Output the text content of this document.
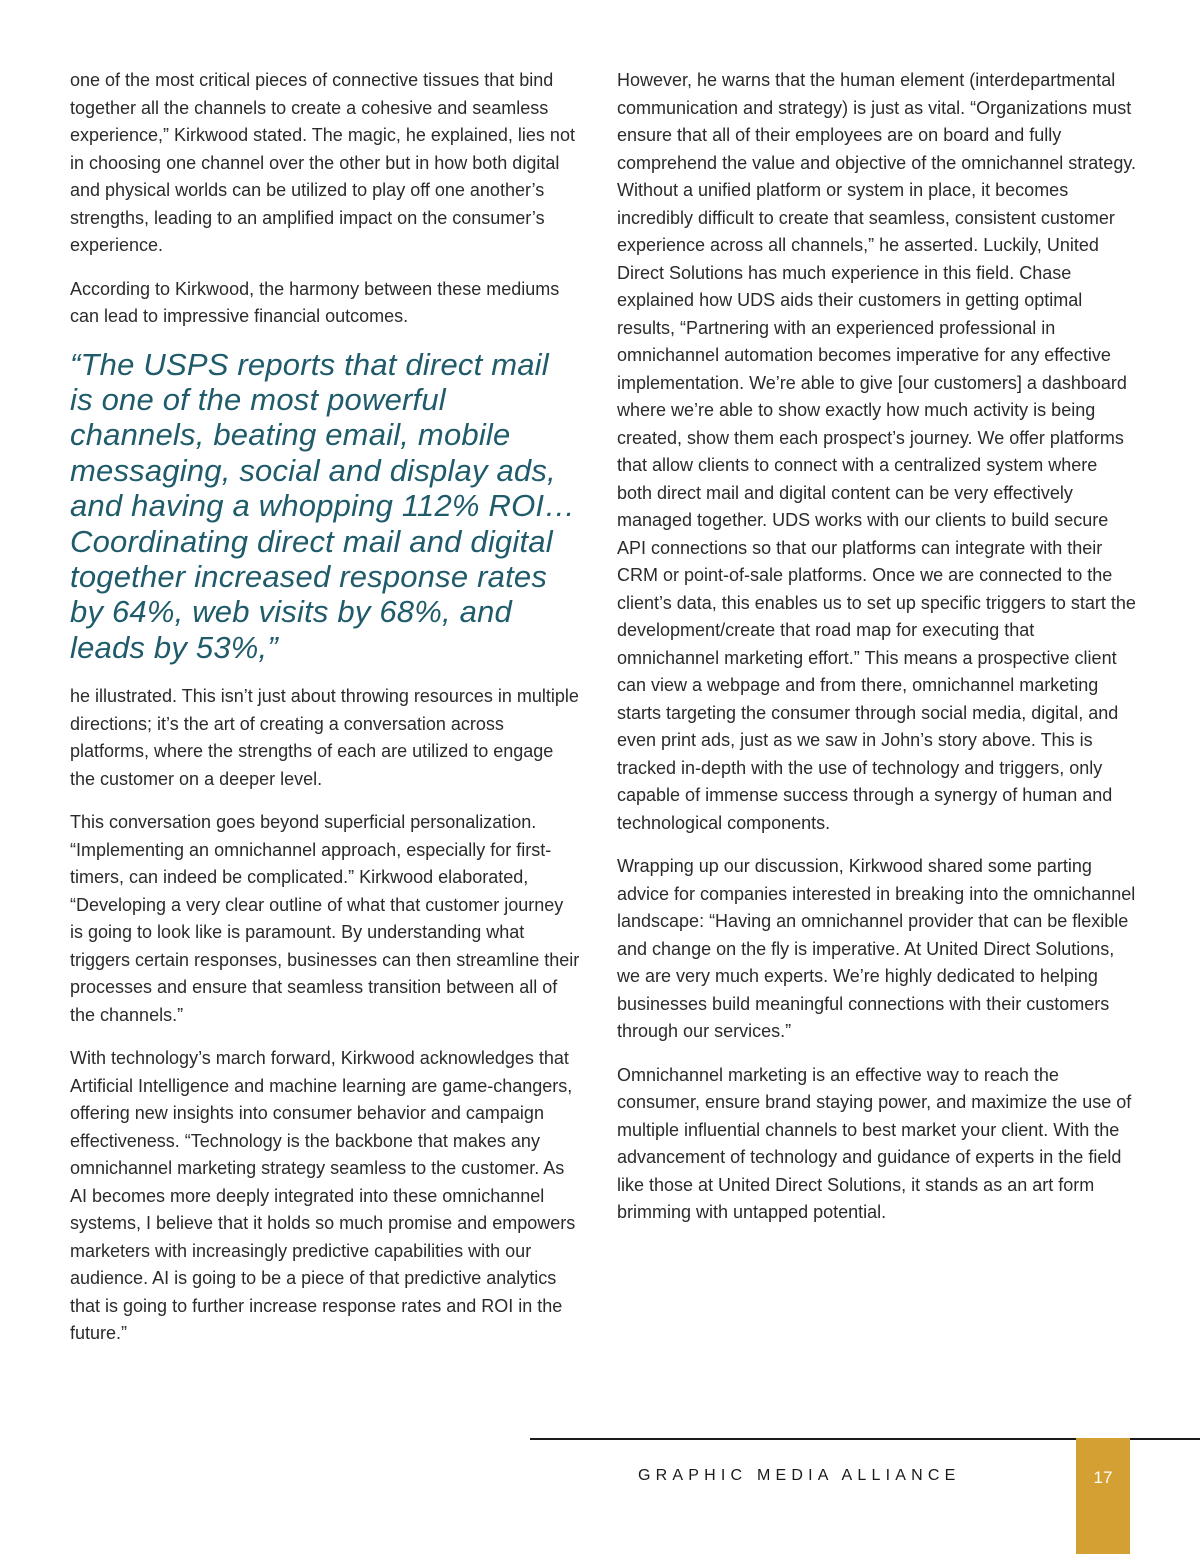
one of the most critical pieces of connective tissues that bind together all the channels to create a cohesive and seamless experience,” Kirkwood stated. The magic, he explained, lies not in choosing one channel over the other but in how both digital and physical worlds can be utilized to play off one another’s strengths, leading to an amplified impact on the consumer’s experience.

According to Kirkwood, the harmony between these mediums can lead to impressive financial outcomes.

“The USPS reports that direct mail is one of the most powerful channels, beating email, mobile messaging, social and display ads, and having a whopping 112% ROI… Coordinating direct mail and digital together increased response rates by 64%, web visits by 68%, and leads by 53%,”

he illustrated. This isn’t just about throwing resources in multiple directions; it’s the art of creating a conversation across platforms, where the strengths of each are utilized to engage the customer on a deeper level.

This conversation goes beyond superficial personalization. “Implementing an omnichannel approach, especially for first-timers, can indeed be complicated.” Kirkwood elaborated, “Developing a very clear outline of what that customer journey is going to look like is paramount. By understanding what triggers certain responses, businesses can then streamline their processes and ensure that seamless transition between all of the channels.”

With technology’s march forward, Kirkwood acknowledges that Artificial Intelligence and machine learning are game-changers, offering new insights into consumer behavior and campaign effectiveness. “Technology is the backbone that makes any omnichannel marketing strategy seamless to the customer. As AI becomes more deeply integrated into these omnichannel systems, I believe that it holds so much promise and empowers marketers with increasingly predictive capabilities with our audience. AI is going to be a piece of that predictive analytics that is going to further increase response rates and ROI in the future.”

However, he warns that the human element (interdepartmental communication and strategy) is just as vital. “Organizations must ensure that all of their employees are on board and fully comprehend the value and objective of the omnichannel strategy. Without a unified platform or system in place, it becomes incredibly difficult to create that seamless, consistent customer experience across all channels,” he asserted. Luckily, United Direct Solutions has much experience in this field. Chase explained how UDS aids their customers in getting optimal results, “Partnering with an experienced professional in omnichannel automation becomes imperative for any effective implementation. We’re able to give [our customers] a dashboard where we’re able to show exactly how much activity is being created, show them each prospect’s journey. We offer platforms that allow clients to connect with a centralized system where both direct mail and digital content can be very effectively managed together. UDS works with our clients to build secure API connections so that our platforms can integrate with their CRM or point-of-sale platforms. Once we are connected to the client’s data, this enables us to set up specific triggers to start the development/create that road map for executing that omnichannel marketing effort.” This means a prospective client can view a webpage and from there, omnichannel marketing starts targeting the consumer through social media, digital, and even print ads, just as we saw in John’s story above. This is tracked in-depth with the use of technology and triggers, only capable of immense success through a synergy of human and technological components.

Wrapping up our discussion, Kirkwood shared some parting advice for companies interested in breaking into the omnichannel landscape: “Having an omnichannel provider that can be flexible and change on the fly is imperative. At United Direct Solutions, we are very much experts. We’re highly dedicated to helping businesses build meaningful connections with their customers through our services.”

Omnichannel marketing is an effective way to reach the consumer, ensure brand staying power, and maximize the use of multiple influential channels to best market your client. With the advancement of technology and guidance of experts in the field like those at United Direct Solutions, it stands as an art form brimming with untapped potential.

GRAPHIC MEDIA ALLIANCE	17
